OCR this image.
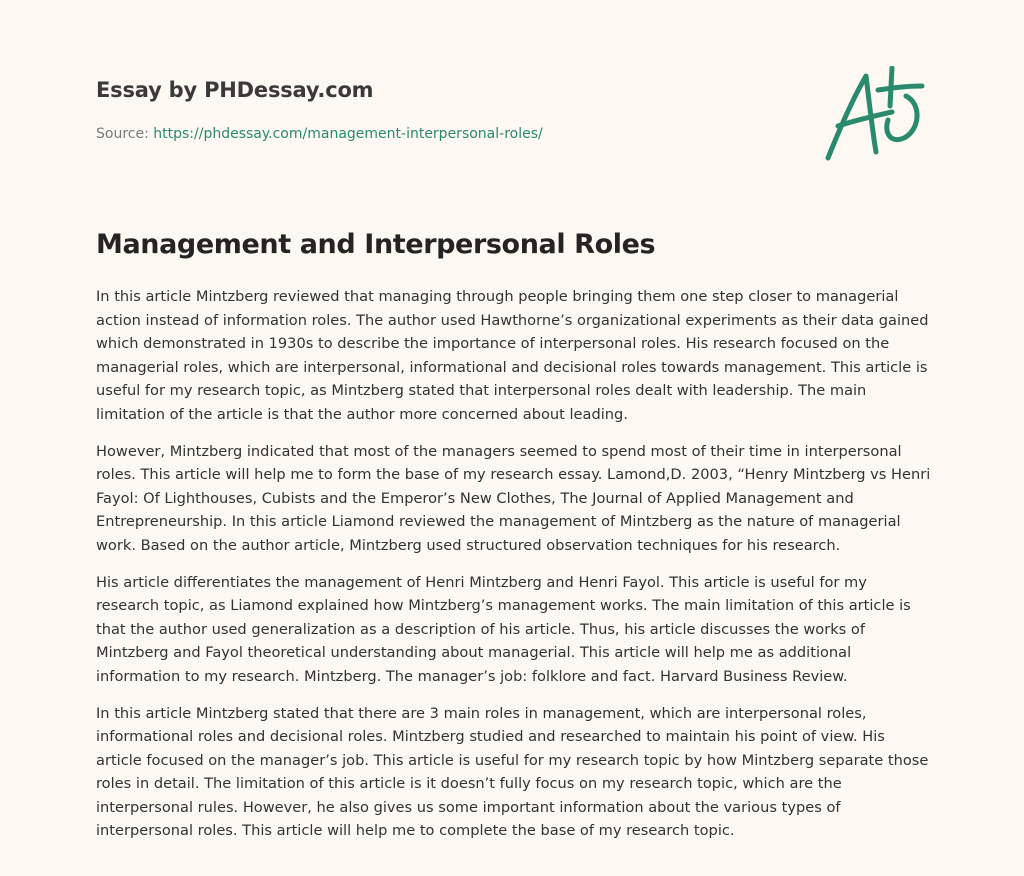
Essay by PHDessay.com
Source: https://phdessay.com/management-interpersonal-roles/
Management and Interpersonal Roles

In this article Mintzberg reviewed that managing through people bringing them one step closer to managerial action instead of information roles. The author used Hawthorne’s organizational experiments as their data gained which demonstrated in 1930s to describe the importance of interpersonal roles. His research focused on the managerial roles, which are interpersonal, informational and decisional roles towards management. This article is useful for my research topic, as Mintzberg stated that interpersonal roles dealt with leadership. The main limitation of the article is that the author more concerned about leading.

However, Mintzberg indicated that most of the managers seemed to spend most of their time in interpersonal roles. This article will help me to form the base of my research essay. Lamond,D. 2003, “Henry Mintzberg vs Henri Fayol: Of Lighthouses, Cubists and the Emperor’s New Clothes, The Journal of Applied Management and Entrepreneurship. In this article Liamond reviewed the management of Mintzberg as the nature of managerial work. Based on the author article, Mintzberg used structured observation techniques for his research.

His article differentiates the management of Henri Mintzberg and Henri Fayol. This article is useful for my research topic, as Liamond explained how Mintzberg’s management works. The main limitation of this article is that the author used generalization as a description of his article. Thus, his article discusses the works of Mintzberg and Fayol theoretical understanding about managerial. This article will help me as additional information to my research. Mintzberg. The manager’s job: folklore and fact. Harvard Business Review.

In this article Mintzberg stated that there are 3 main roles in management, which are interpersonal roles, informational roles and decisional roles. Mintzberg studied and researched to maintain his point of view. His article focused on the manager’s job. This article is useful for my research topic by how Mintzberg separate those roles in detail. The limitation of this article is it doesn’t fully focus on my research topic, which are the interpersonal rules. However, he also gives us some important information about the various types of interpersonal roles. This article will help me to complete the base of my research topic.
